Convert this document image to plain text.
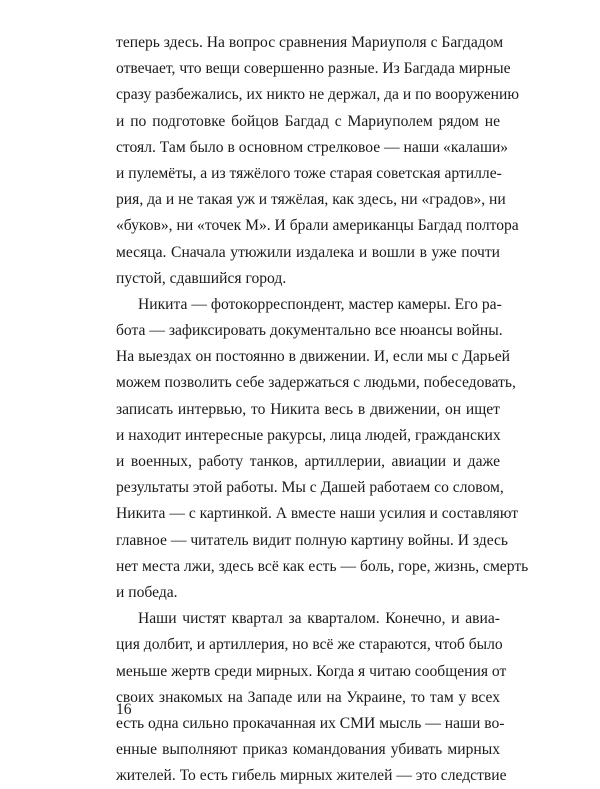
теперь здесь. На вопрос сравнения Мариуполя с Багдадом
отвечает, что вещи совершенно разные. Из Багдада мирные
сразу разбежались, их никто не держал, да и по вооружению
и по подготовке бойцов Багдад с Мариуполем рядом не
стоял. Там было в основном стрелковое — наши «калаши»
и пулемёты, а из тяжёлого тоже старая советская артилле-
рия, да и не такая уж и тяжёлая, как здесь, ни «градов», ни
«буков», ни «точек М». И брали американцы Багдад полтора
месяца. Сначала утюжили издалека и вошли в уже почти
пустой, сдавшийся город.
Никита — фотокорреспондент, мастер камеры. Его ра-
бота — зафиксировать документально все нюансы войны.
На выездах он постоянно в движении. И, если мы с Дарьей
можем позволить себе задержаться с людьми, побеседовать,
записать интервью, то Никита весь в движении, он ищет
и находит интересные ракурсы, лица людей, гражданских
и военных, работу танков, артиллерии, авиации и даже
результаты этой работы. Мы с Дашей работаем со словом,
Никита — с картинкой. А вместе наши усилия и составляют
главное — читатель видит полную картину войны. И здесь
нет места лжи, здесь всё как есть — боль, горе, жизнь, смерть
и победа.
Наши чистят квартал за кварталом. Конечно, и авиа-
ция долбит, и артиллерия, но всё же стараются, чтоб было
меньше жертв среди мирных. Когда я читаю сообщения от
своих знакомых на Западе или на Украине, то там у всех
есть одна сильно прокачанная их СМИ мысль — наши во-
енные выполняют приказ командования убивать мирных
жителей. То есть гибель мирных жителей — это следствие
16
